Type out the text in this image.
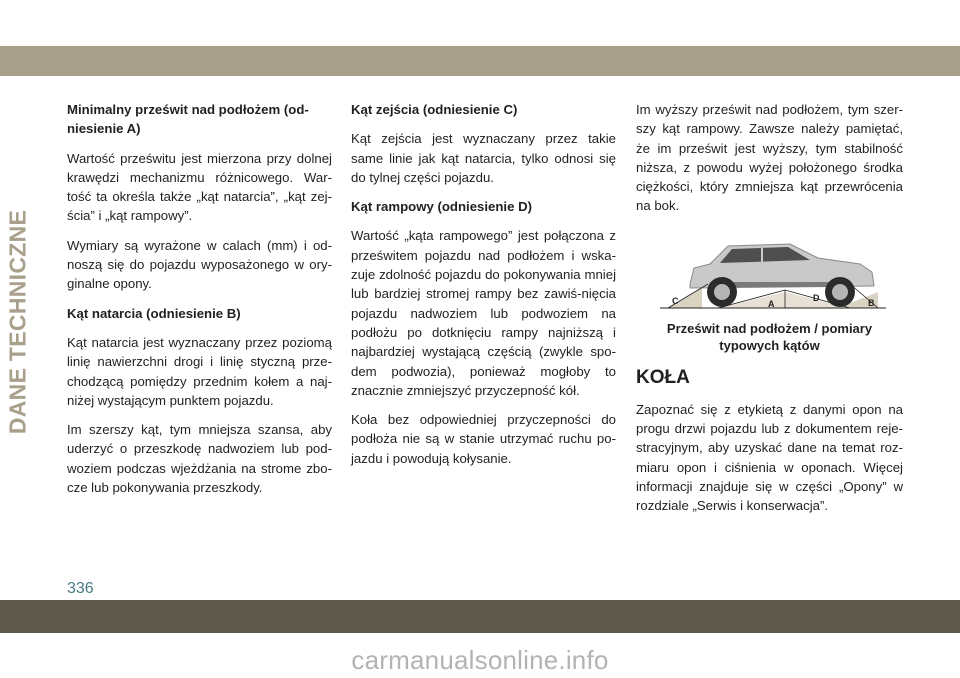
DANE TECHNICZNE
Minimalny prześwit nad podłożem (od-niesienie A)

Wartość prześwitu jest mierzona przy dolnej krawędzi mechanizmu różnicowego. War-tość ta określa także „kąt natarcia”, „kąt zej-ścia” i „kąt rampowy”.

Wymiary są wyrażone w calach (mm) i od-noszą się do pojazdu wyposażonego w ory-ginalne opony.

Kąt natarcia (odniesienie B)

Kąt natarcia jest wyznaczany przez poziomą linię nawierzchni drogi i linię styczną prze-chodzącą pomiędzy przednim kołem a naj-niżej wystającym punktem pojazdu.

Im szerszy kąt, tym mniejsza szansa, aby uderzyć o przeszkodę nadwoziem lub pod-woziem podczas wjeżdżania na strome zbo-cze lub pokonywania przeszkody.

Kąt zejścia (odniesienie C)

Kąt zejścia jest wyznaczany przez takie same linie jak kąt natarcia, tylko odnosi się do tylnej części pojazdu.

Kąt rampowy (odniesienie D)

Wartość „kąta rampowego” jest połączona z prześwitem pojazdu nad podłożem i wska-zuje zdolność pojazdu do pokonywania mniej lub bardziej stromej rampy bez zawiś-nięcia pojazdu nadwoziem lub podwoziem na podłożu po dotknięciu rampy najniższą i najbardziej wystającą częścią (zwykle spo-dem podwozia), ponieważ mogłoby to znacznie zmniejszyć przyczepność kół.

Koła bez odpowiedniej przyczepności do podłoża nie są w stanie utrzymać ruchu po-jazdu i powodują kołysanie.

Im wyższy prześwit nad podłożem, tym szer-szy kąt rampowy. Zawsze należy pamiętać, że im prześwit jest wyższy, tym stabilność niższa, z powodu wyżej położonego środka ciężkości, który zmniejsza kąt przewrócenia na bok.

C	A
D	B
Prześwit nad podłożem / pomiary typowych kątów
KOŁA

Zapoznać się z etykietą z danymi opon na progu drzwi pojazdu lub z dokumentem reje-stracyjnym, aby uzyskać dane na temat roz-miaru opon i ciśnienia w oponach. Więcej informacji znajduje się w części „Opony” w rozdziale „Serwis i konserwacja”.

336
carmanualsonline.info
